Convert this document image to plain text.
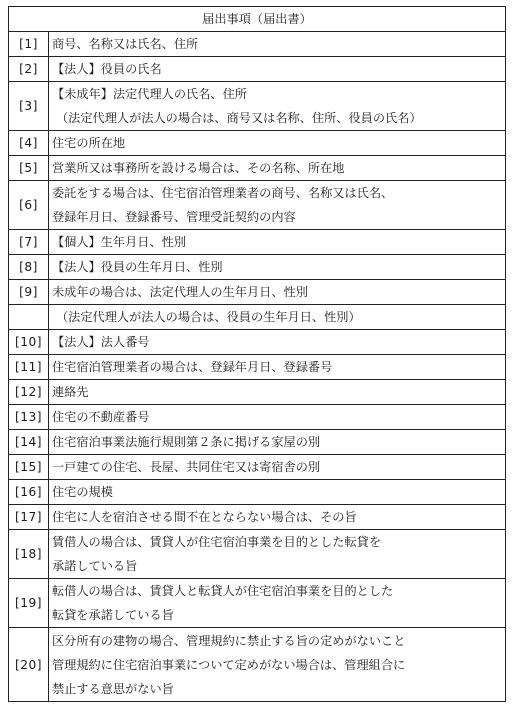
届出事項（届出書）	
[1]	商号、名称又は氏名、住所

[2]	【法人】役員の氏名

[3]	【未成年】法定代理人の氏名、住所
（法定代理人が法人の場合は、商号又は名称、住所、役員の氏名）

[4]	住宅の所在地

[5]	営業所又は事務所を設ける場合は、その名称、所在地

[6]	委託をする場合は、住宅宿泊管理業者の商号、名称又は氏名、
登録年月日、登録番号、管理受託契約の内容

[7]	【個人】生年月日、性別

[8]	【法人】役員の生年月日、性別

[9]	未成年の場合は、法定代理人の生年月日、性別

	（法定代理人が法人の場合は、役員の生年月日、性別）

[10]	【法人】法人番号

[11]	住宅宿泊管理業者の場合は、登録年月日、登録番号

[12]	連絡先

[13]	住宅の不動産番号

[14]	住宅宿泊事業法施行規則第２条に掲げる家屋の別

[15]	一戸建ての住宅、長屋、共同住宅又は寄宿舎の別

[16]	住宅の規模

[17]	住宅に人を宿泊させる間不在とならない場合は、その旨

[18]	賃借人の場合は、賃貸人が住宅宿泊事業を目的とした転貸を
承諾している旨

[19]	転借人の場合は、賃貸人と転貸人が住宅宿泊事業を目的とした
転貸を承諾している旨

[20]	区分所有の建物の場合、管理規約に禁止する旨の定めがないこと
管理規約に住宅宿泊事業について定めがない場合は、管理組合に
禁止する意思がない旨
